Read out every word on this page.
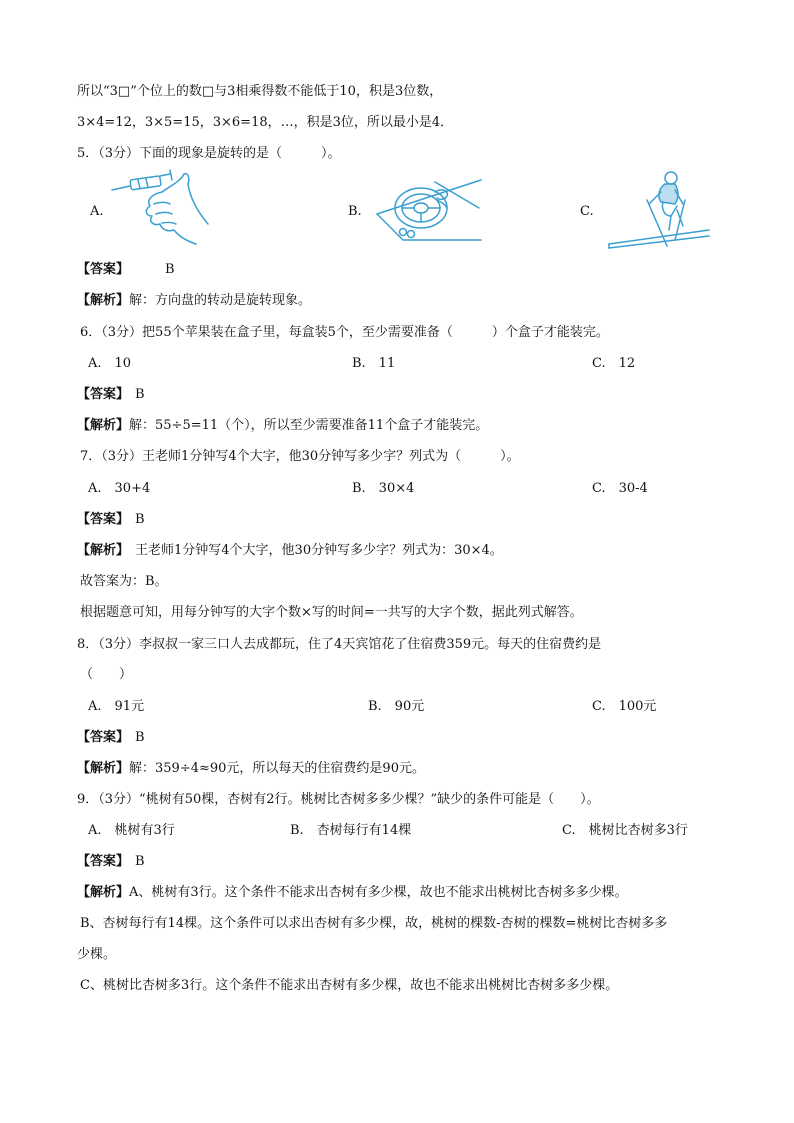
所以“3□”个位上的数□与3相乘得数不能低于10，积是3位数，
3×4=12，3×5=15，3×6=18，…，积是3位，所以最小是4．
5．（3分）下面的现象是旋转的是（　　　）。
A.	B.	C.
【答案】	B
【解析】解：方向盘的转动是旋转现象。
6．（3分）把55个苹果装在盒子里，每盒装5个，至少需要准备（　　　）个盒子才能装完。
A.　10	B.　11	C.　12
【答案】 B
【解析】解：55÷5=11（个），所以至少需要准备11个盒子才能装完。
7．（3分）王老师1分钟写4个大字，他30分钟写多少字？列式为（　　　）。
A.　30+4	B.　30×4	C.　30-4
【答案】 B
【解析】 王老师1分钟写4个大字，他30分钟写多少字？列式为：30×4。
故答案为：B。
根据题意可知，用每分钟写的大字个数×写的时间=一共写的大字个数，据此列式解答。
8．（3分）李叔叔一家三口人去成都玩，住了4天宾馆花了住宿费359元。每天的住宿费约是
（　　）
A.　91元	B.　90元	C.　100元
【答案】 B
【解析】解：359÷4≈90元，所以每天的住宿费约是90元。
9．（3分）“桃树有50棵，杏树有2行。桃树比杏树多多少棵？”缺少的条件可能是（　　）。
A.　桃树有3行	B.　杏树每行有14棵	C.　桃树比杏树多3行
【答案】 B
【解析】A、桃树有3行。这个条件不能求出杏树有多少棵，故也不能求出桃树比杏树多多少棵。
B、杏树每行有14棵。这个条件可以求出杏树有多少棵，故，桃树的棵数-杏树的棵数=桃树比杏树多多
少棵。
C、桃树比杏树多3行。这个条件不能求出杏树有多少棵，故也不能求出桃树比杏树多多少棵。
